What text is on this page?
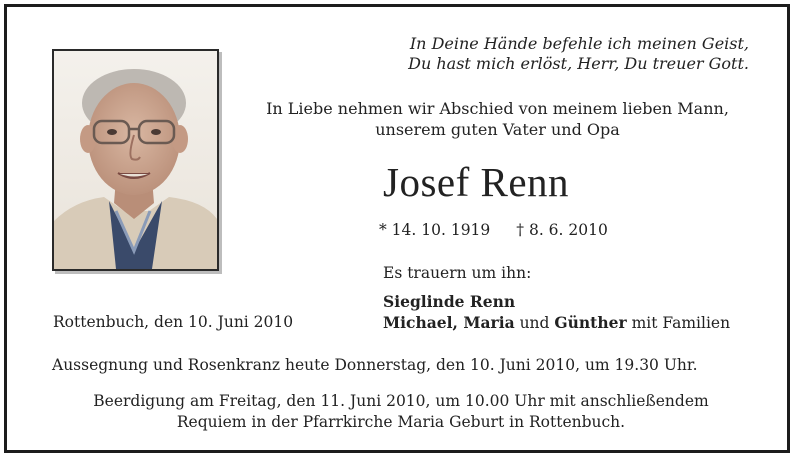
In Deine Hände befehle ich meinen Geist,
Du hast mich erlöst, Herr, Du treuer Gott.
In Liebe nehmen wir Abschied von meinem lieben Mann,
unserem guten Vater und Opa
Josef Renn
* 14. 10. 1919 † 8. 6. 2010
Es trauern um ihn:
Sieglinde Renn
Michael, Maria und Günther mit Familien
Rottenbuch, den 10. Juni 2010
Aussegnung und Rosenkranz heute Donnerstag, den 10. Juni 2010, um 19.30 Uhr.
Beerdigung am Freitag, den 11. Juni 2010, um 10.00 Uhr mit anschließendem
Requiem in der Pfarrkirche Maria Geburt in Rottenbuch.
